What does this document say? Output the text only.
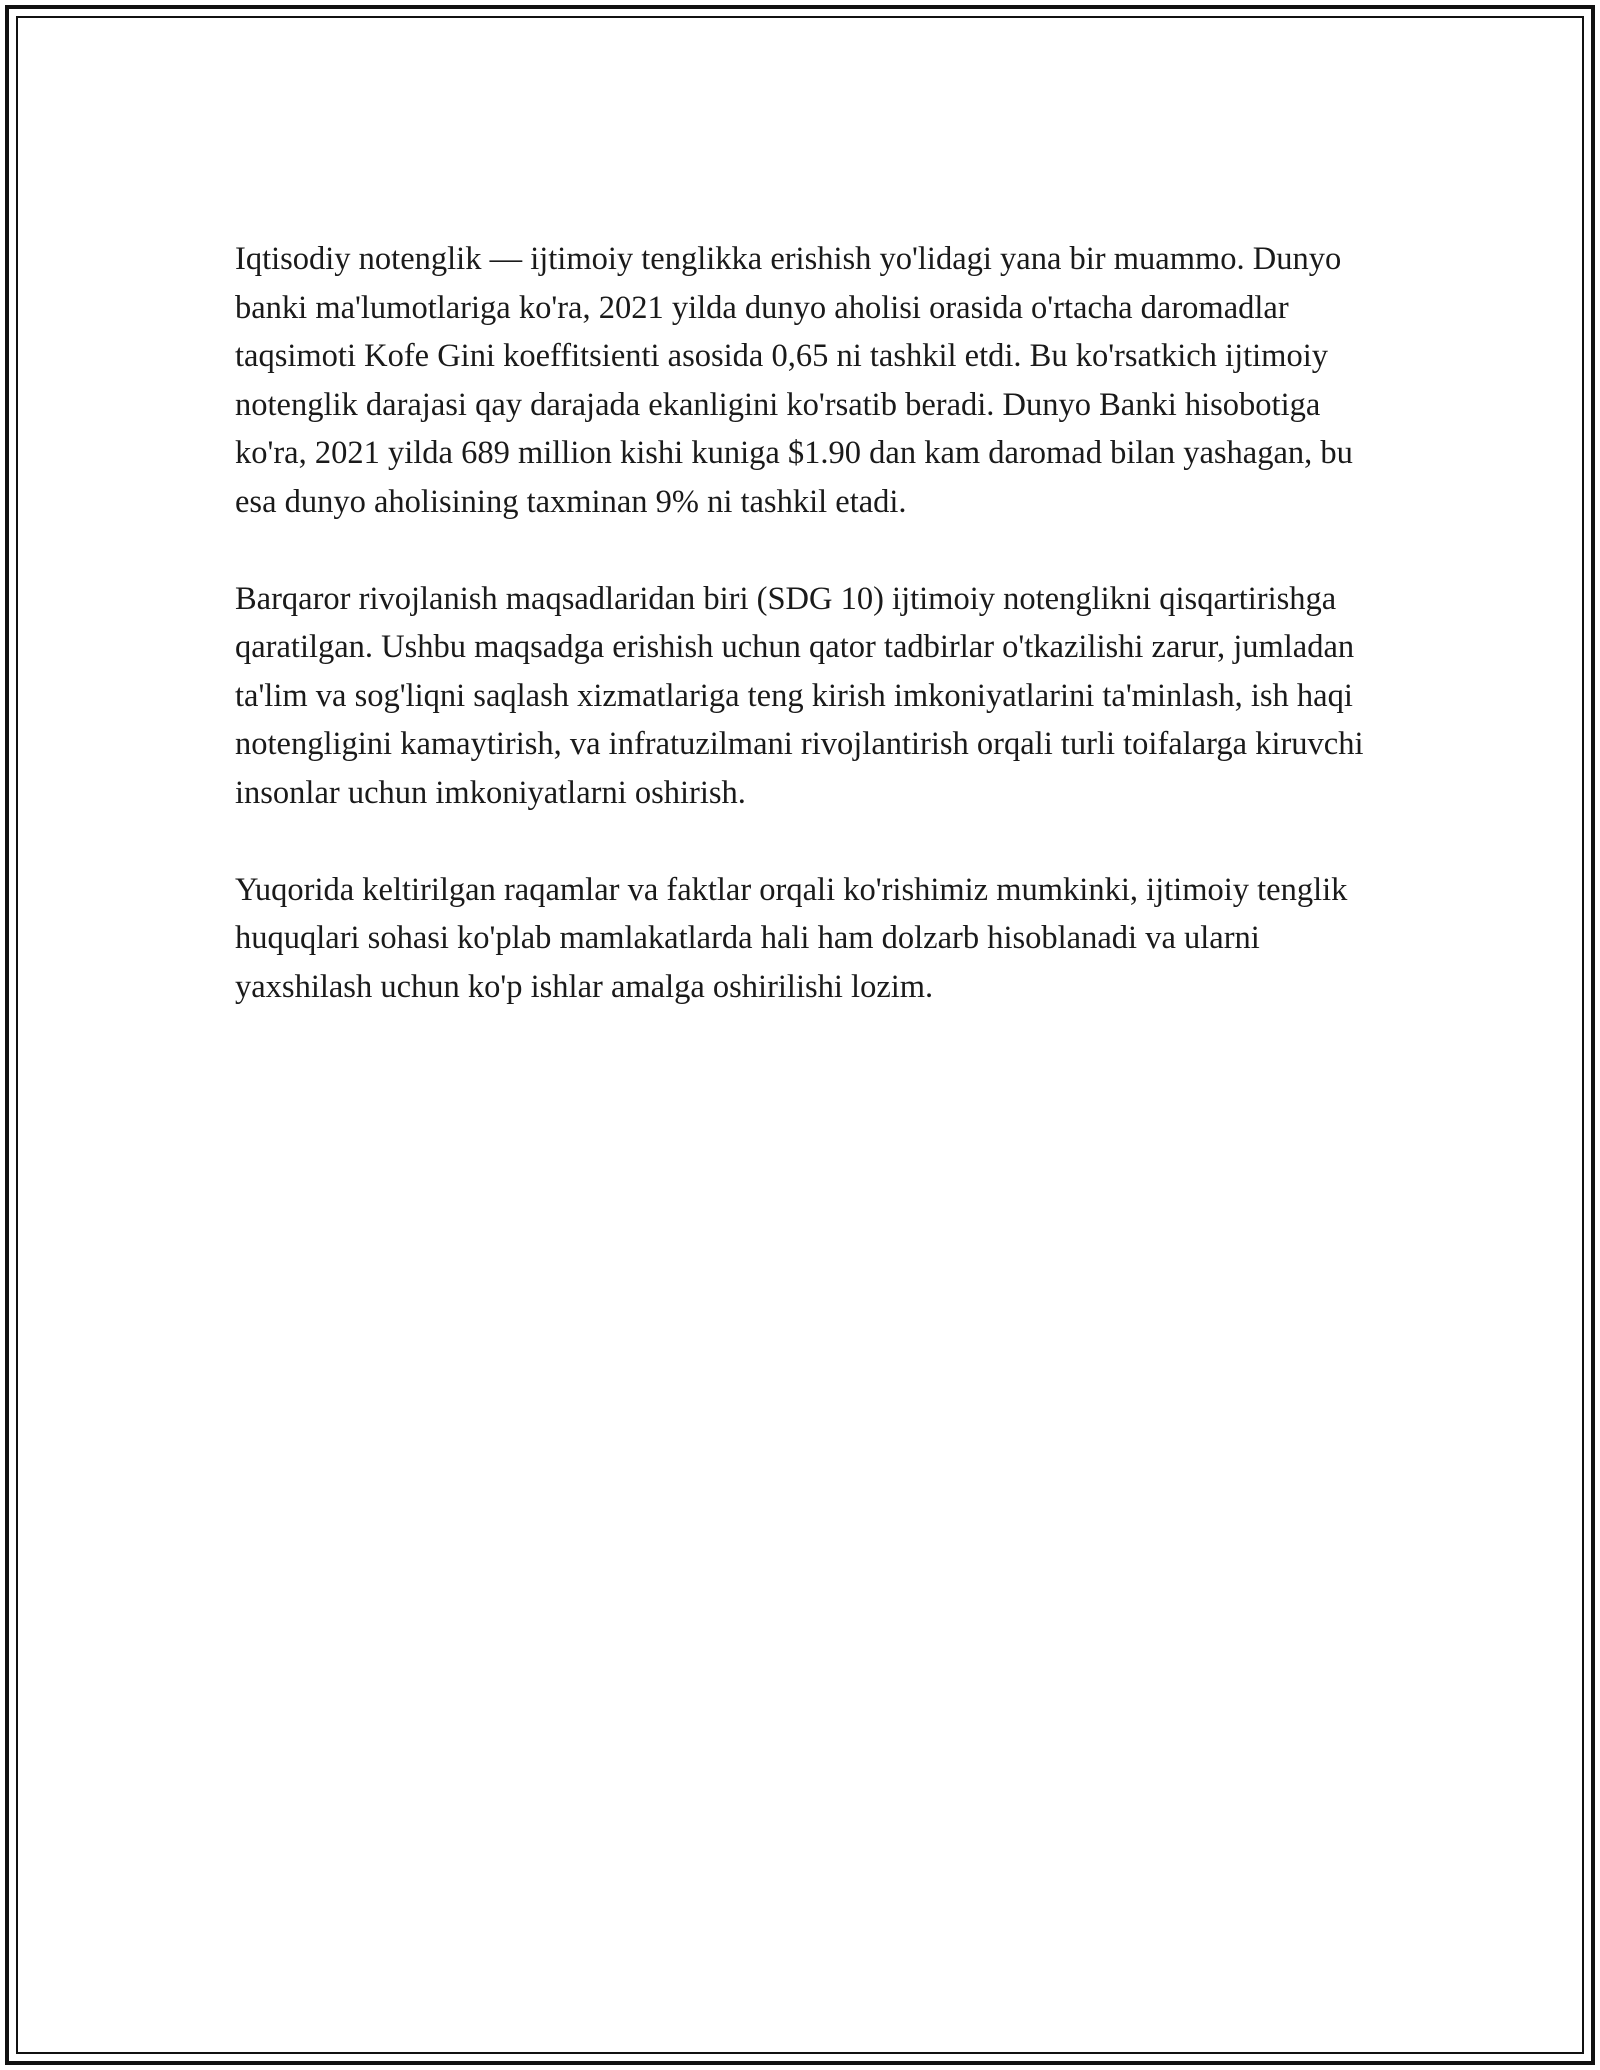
Iqtisodiy notenglik — ijtimoiy tenglikka erishish yo'lidagi yana bir muammo. Dunyo banki ma'lumotlariga ko'ra, 2021 yilda dunyo aholisi orasida o'rtacha daromadlar taqsimoti Kofe Gini koeffitsienti asosida 0,65 ni tashkil etdi. Bu ko'rsatkich ijtimoiy notenglik darajasi qay darajada ekanligini ko'rsatib beradi. Dunyo Banki hisobotiga ko'ra, 2021 yilda 689 million kishi kuniga $1.90 dan kam daromad bilan yashagan, bu esa dunyo aholisining taxminan 9% ni tashkil etadi.

Barqaror rivojlanish maqsadlaridan biri (SDG 10) ijtimoiy notenglikni qisqartirishga qaratilgan. Ushbu maqsadga erishish uchun qator tadbirlar o'tkazilishi zarur, jumladan ta'lim va sog'liqni saqlash xizmatlariga teng kirish imkoniyatlarini ta'minlash, ish haqi notengligini kamaytirish, va infratuzilmani rivojlantirish orqali turli toifalarga kiruvchi insonlar uchun imkoniyatlarni oshirish.

Yuqorida keltirilgan raqamlar va faktlar orqali ko'rishimiz mumkinki, ijtimoiy tenglik huquqlari sohasi ko'plab mamlakatlarda hali ham dolzarb hisoblanadi va ularni yaxshilash uchun ko'p ishlar amalga oshirilishi lozim.
